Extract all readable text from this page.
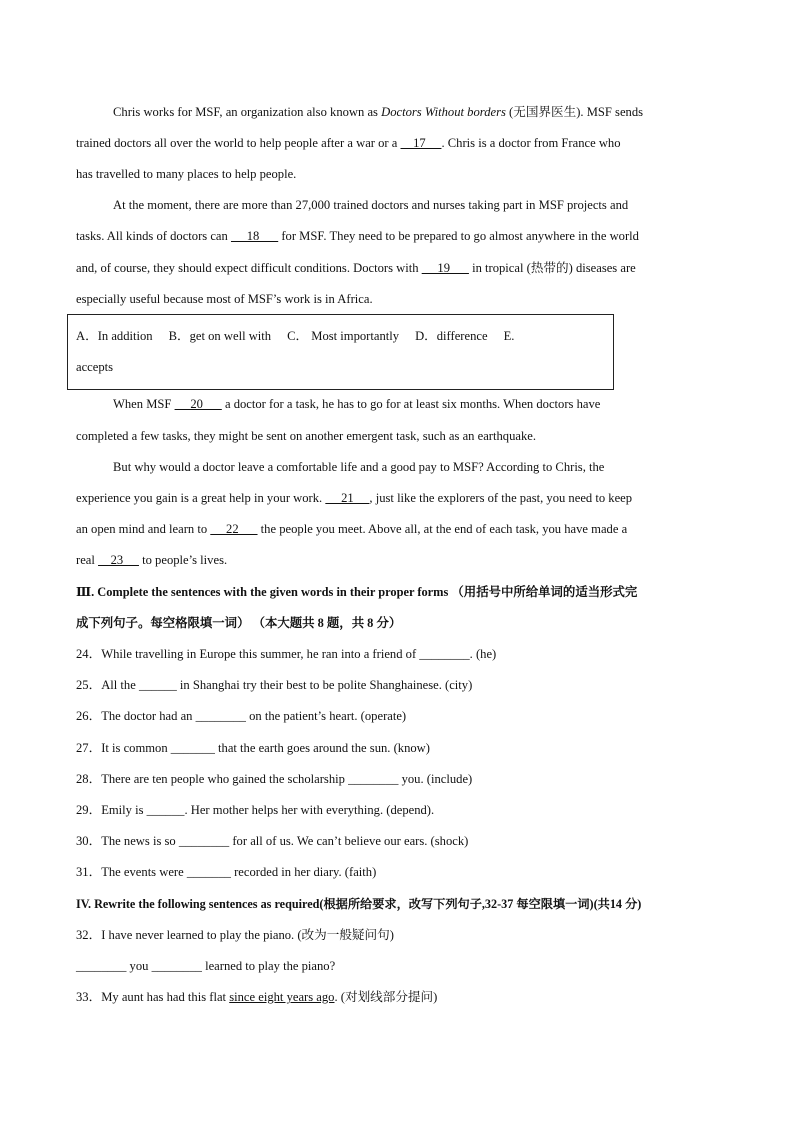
Chris works for MSF, an organization also known as Doctors Without borders (无国界医生). MSF sends
trained doctors all over the world to help people after a war or a     17     . Chris is a doctor from France who
has travelled to many places to help people.
At the moment, there are more than 27,000 trained doctors and nurses taking part in MSF projects and
tasks. All kinds of doctors can      18       for MSF. They need to be prepared to go almost anywhere in the world
and, of course, they should expect difficult conditions. Doctors with      19       in tropical (热带的) diseases are
especially useful because most of MSF’s work is in Africa.
A．In addition B．get on well with C． Most importantly D．difference E.
accepts
When MSF      20       a doctor for a task, he has to go for at least six months. When doctors have
completed a few tasks, they might be sent on another emergent task, such as an earthquake.
But why would a doctor leave a comfortable life and a good pay to MSF? According to Chris, the
experience you gain is a great help in your work.      21     , just like the explorers of the past, you need to keep
an open mind and learn to      22       the people you meet. Above all, at the end of each task, you have made a
real     23      to people’s lives.
Ⅲ. Complete the sentences with the given words in their proper forms （用括号中所给单词的适当形式完
成下列句子。每空格限填一词） （本大题共 8 题，共 8 分）
24．While travelling in Europe this summer, he ran into a friend of ________. (he)
25．All the ______ in Shanghai try their best to be polite Shanghainese. (city)
26．The doctor had an ________ on the patient’s heart. (operate)
27．It is common _______ that the earth goes around the sun. (know)
28．There are ten people who gained the scholarship ________ you. (include)
29．Emily is ______. Her mother helps her with everything. (depend).
30．The news is so ________ for all of us. We can’t believe our ears. (shock)
31．The events were _______ recorded in her diary. (faith)
IV. Rewrite the following sentences as required(根据所给要求，改写下列句子,32-37 每空限填一词)(共14 分)
32．I have never learned to play the piano. (改为一般疑问句)
________ you ________ learned to play the piano?
33．My aunt has had this flat since eight years ago. (对划线部分提问)
